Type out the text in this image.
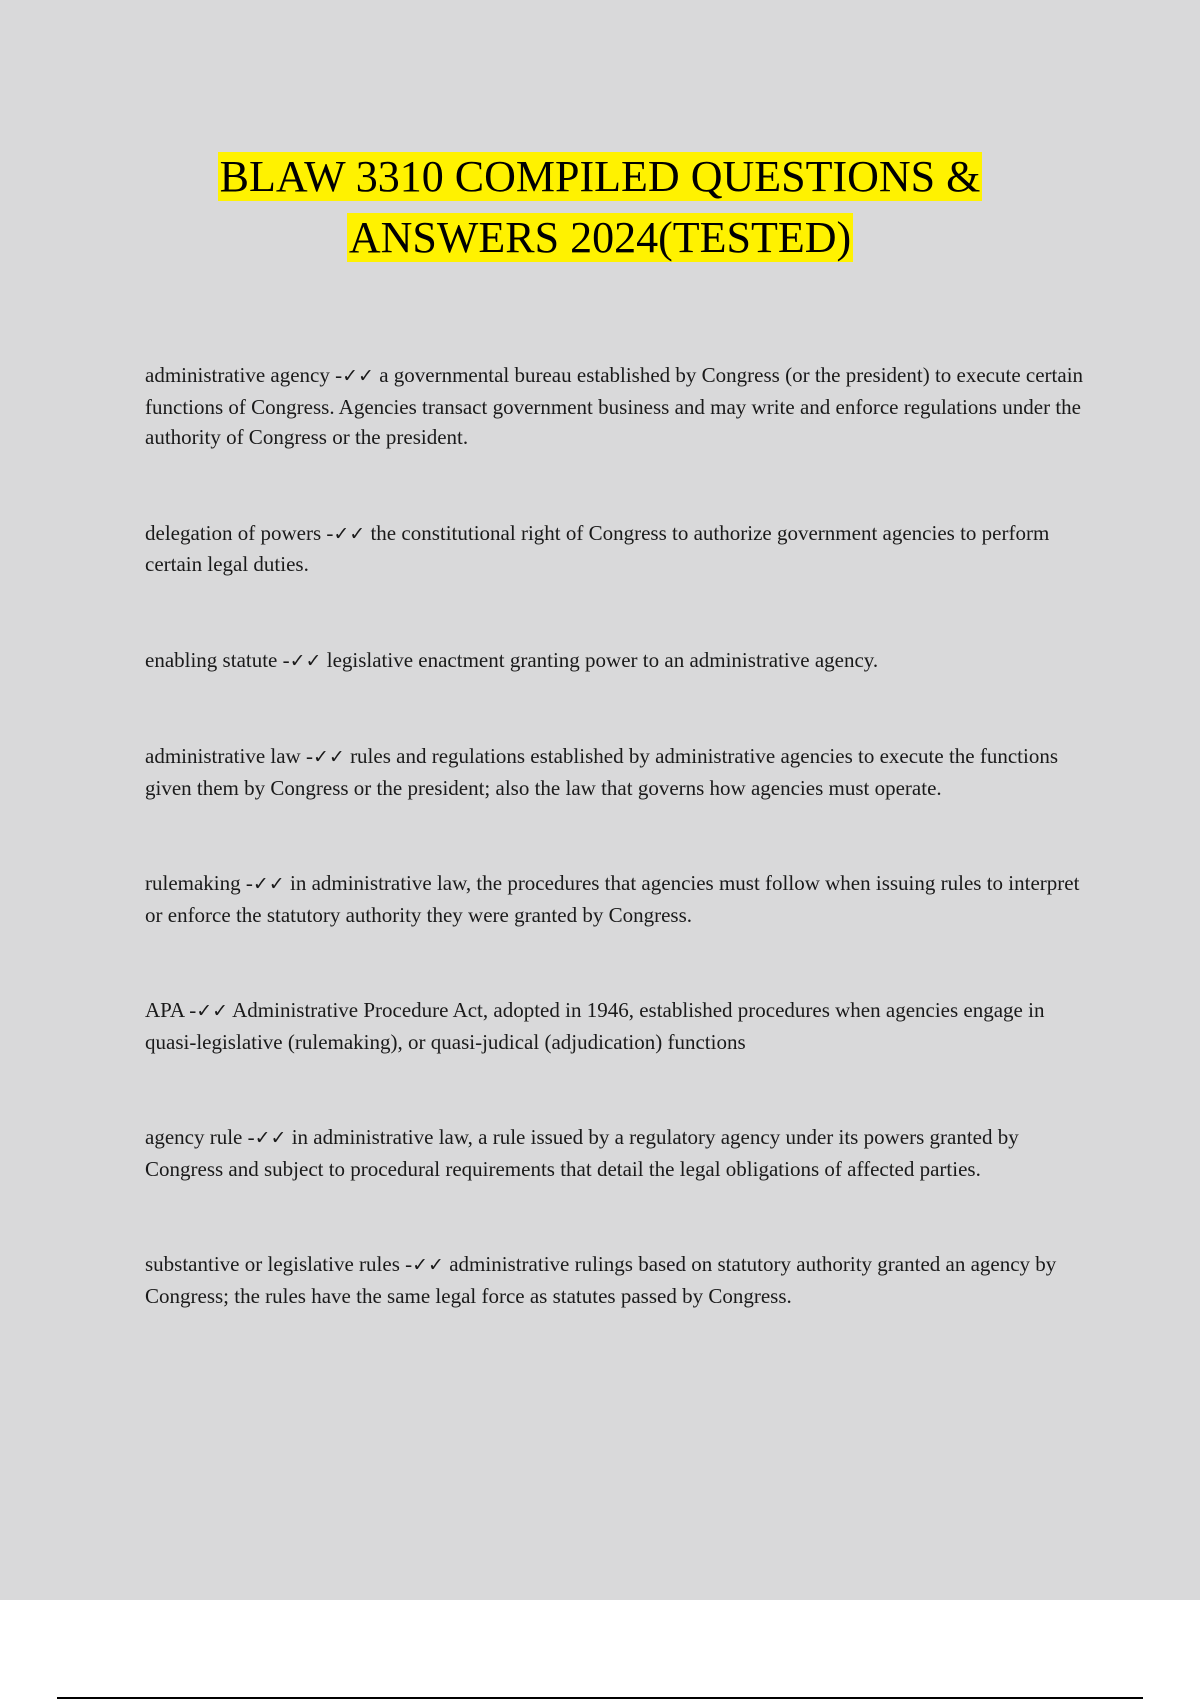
BLAW 3310 COMPILED QUESTIONS &
ANSWERS 2024(TESTED)

administrative agency -✓✓ a governmental bureau established by Congress (or the president) to execute certain functions of Congress. Agencies transact government business and may write and enforce regulations under the authority of Congress or the president.

delegation of powers -✓✓ the constitutional right of Congress to authorize government agencies to perform certain legal duties.

enabling statute -✓✓ legislative enactment granting power to an administrative agency.

administrative law -✓✓ rules and regulations established by administrative agencies to execute the functions given them by Congress or the president; also the law that governs how agencies must operate.

rulemaking -✓✓ in administrative law, the procedures that agencies must follow when issuing rules to interpret or enforce the statutory authority they were granted by Congress.

APA -✓✓ Administrative Procedure Act, adopted in 1946, established procedures when agencies engage in quasi-legislative (rulemaking), or quasi-judical (adjudication) functions

agency rule -✓✓ in administrative law, a rule issued by a regulatory agency under its powers granted by Congress and subject to procedural requirements that detail the legal obligations of affected parties.

substantive or legislative rules -✓✓ administrative rulings based on statutory authority granted an agency by Congress; the rules have the same legal force as statutes passed by Congress.
